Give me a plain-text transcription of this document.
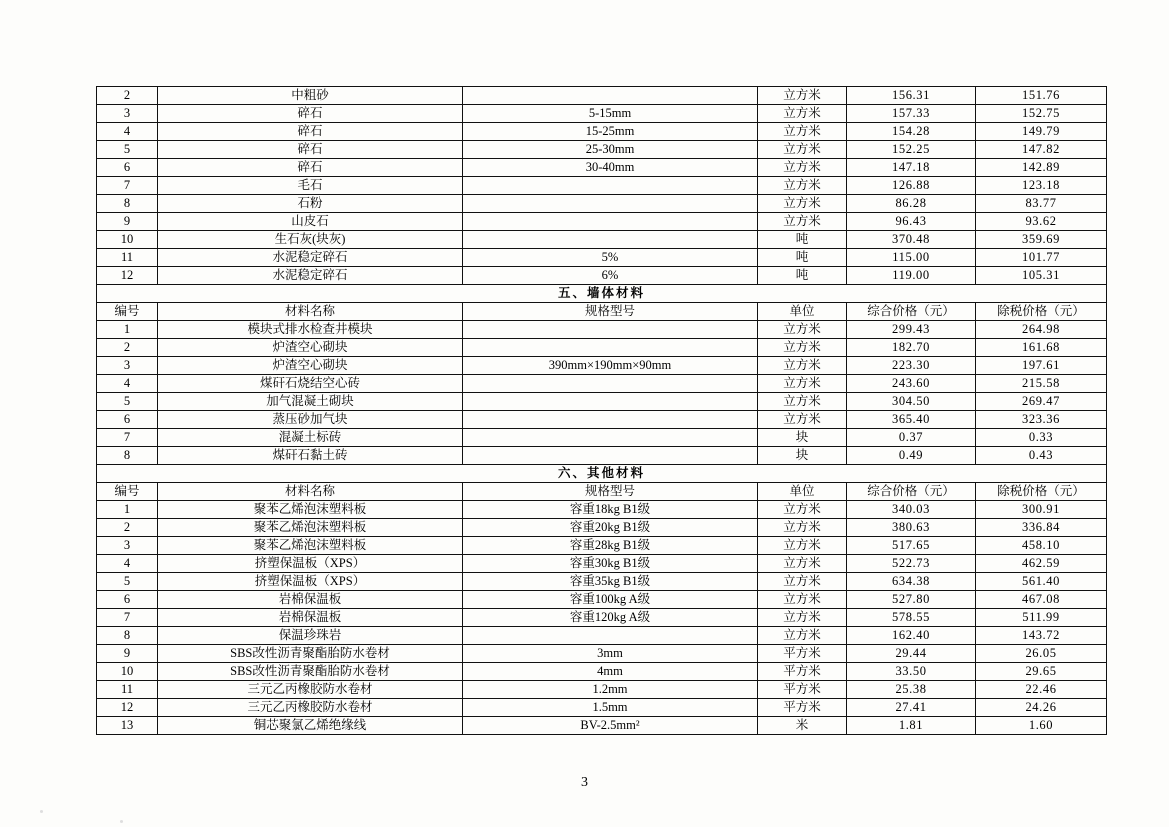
2	中粗砂		立方米	156.31	151.76
3	碎石	5-15mm	立方米	157.33	152.75
4	碎石	15-25mm	立方米	154.28	149.79
5	碎石	25-30mm	立方米	152.25	147.82
6	碎石	30-40mm	立方米	147.18	142.89
7	毛石		立方米	126.88	123.18
8	石粉		立方米	86.28	83.77
9	山皮石		立方米	96.43	93.62
10	生石灰(块灰)		吨	370.48	359.69
11	水泥稳定碎石	5%	吨	115.00	101.77
12	水泥稳定碎石	6%	吨	119.00	105.31
五、墙体材料					
编号	材料名称	规格型号	单位	综合价格（元）	除税价格（元）
1	模块式排水检查井模块		立方米	299.43	264.98
2	炉渣空心砌块		立方米	182.70	161.68
3	炉渣空心砌块	390mm×190mm×90mm	立方米	223.30	197.61
4	煤矸石烧结空心砖		立方米	243.60	215.58
5	加气混凝土砌块		立方米	304.50	269.47
6	蒸压砂加气块		立方米	365.40	323.36
7	混凝土标砖		块	0.37	0.33
8	煤矸石黏土砖		块	0.49	0.43
六、其他材料					
编号	材料名称	规格型号	单位	综合价格（元）	除税价格（元）
1	聚苯乙烯泡沫塑料板	容重18kg B1级	立方米	340.03	300.91
2	聚苯乙烯泡沫塑料板	容重20kg B1级	立方米	380.63	336.84
3	聚苯乙烯泡沫塑料板	容重28kg B1级	立方米	517.65	458.10
4	挤塑保温板（XPS）	容重30kg B1级	立方米	522.73	462.59
5	挤塑保温板（XPS）	容重35kg B1级	立方米	634.38	561.40
6	岩棉保温板	容重100kg A级	立方米	527.80	467.08
7	岩棉保温板	容重120kg A级	立方米	578.55	511.99
8	保温珍珠岩		立方米	162.40	143.72
9	SBS改性沥青聚酯胎防水卷材	3mm	平方米	29.44	26.05
10	SBS改性沥青聚酯胎防水卷材	4mm	平方米	33.50	29.65
11	三元乙丙橡胶防水卷材	1.2mm	平方米	25.38	22.46
12	三元乙丙橡胶防水卷材	1.5mm	平方米	27.41	24.26
13	铜芯聚氯乙烯绝缘线	BV-2.5mm²	米	1.81	1.60
3
